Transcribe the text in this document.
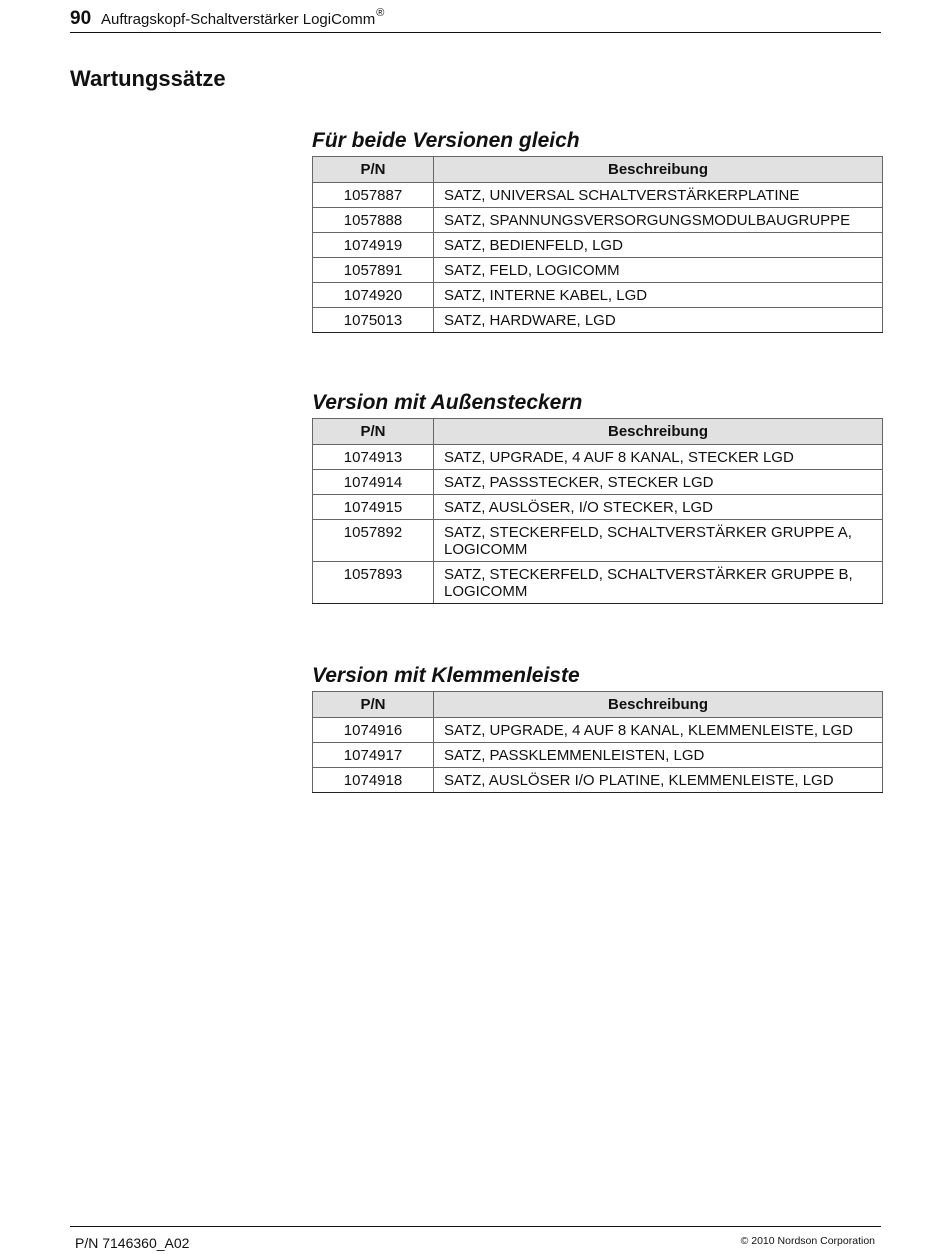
90 Auftragskopf-Schaltverstärker LogiComm®
Wartungssätze
Für beide Versionen gleich
P/N	Beschreibung
1057887	SATZ, UNIVERSAL SCHALTVERSTÄRKERPLATINE
1057888	SATZ, SPANNUNGSVERSORGUNGSMODULBAUGRUPPE
1074919	SATZ, BEDIENFELD, LGD
1057891	SATZ, FELD, LOGICOMM
1074920	SATZ, INTERNE KABEL, LGD
1075013	SATZ, HARDWARE, LGD
Version mit Außensteckern
P/N	Beschreibung
1074913	SATZ, UPGRADE, 4 AUF 8 KANAL, STECKER LGD
1074914	SATZ, PASSSTECKER, STECKER LGD
1074915	SATZ, AUSLÖSER, I/O STECKER, LGD
1057892	SATZ, STECKERFELD, SCHALTVERSTÄRKER GRUPPE A, LOGICOMM
1057893	SATZ, STECKERFELD, SCHALTVERSTÄRKER GRUPPE B, LOGICOMM
Version mit Klemmenleiste
P/N	Beschreibung
1074916	SATZ, UPGRADE, 4 AUF 8 KANAL, KLEMMENLEISTE, LGD
1074917	SATZ, PASSKLEMMENLEISTEN, LGD
1074918	SATZ, AUSLÖSER I/O PLATINE, KLEMMENLEISTE, LGD
P/N 7146360_A02	© 2010 Nordson Corporation
